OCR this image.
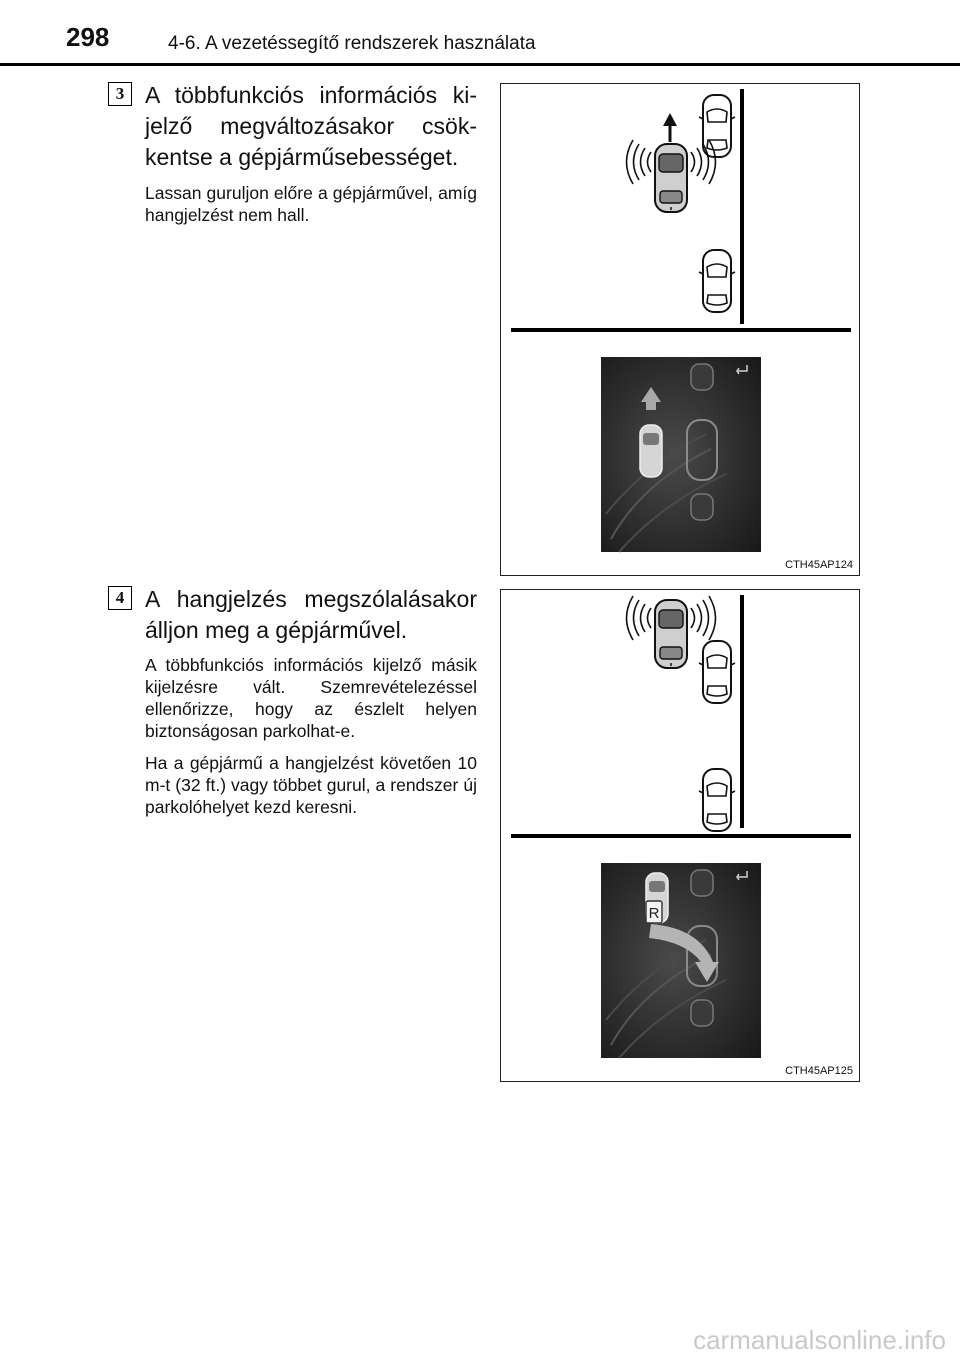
298	4-6. A vezetéssegítő rendszerek használata
3 A többfunkciós információs kijelző megváltozásakor csökkentse a gépjárműsebességet.

Lassan guruljon előre a gépjárművel, amíg hangjelzést nem hall.

CTH45AP124
4 A hangjelzés megszólalásakor álljon meg a gépjárművel.

A többfunkciós információs kijelző másik kijelzésre vált. Szemrevételezéssel ellenőrizze, hogy az észlelt helyen biztonságosan parkolhat-e.

Ha a gépjármű a hangjelzést követően 10 m-t (32 ft.) vagy többet gurul, a rendszer új parkolóhelyet kezd keresni.

R
CTH45AP125
carmanualsonline.info
